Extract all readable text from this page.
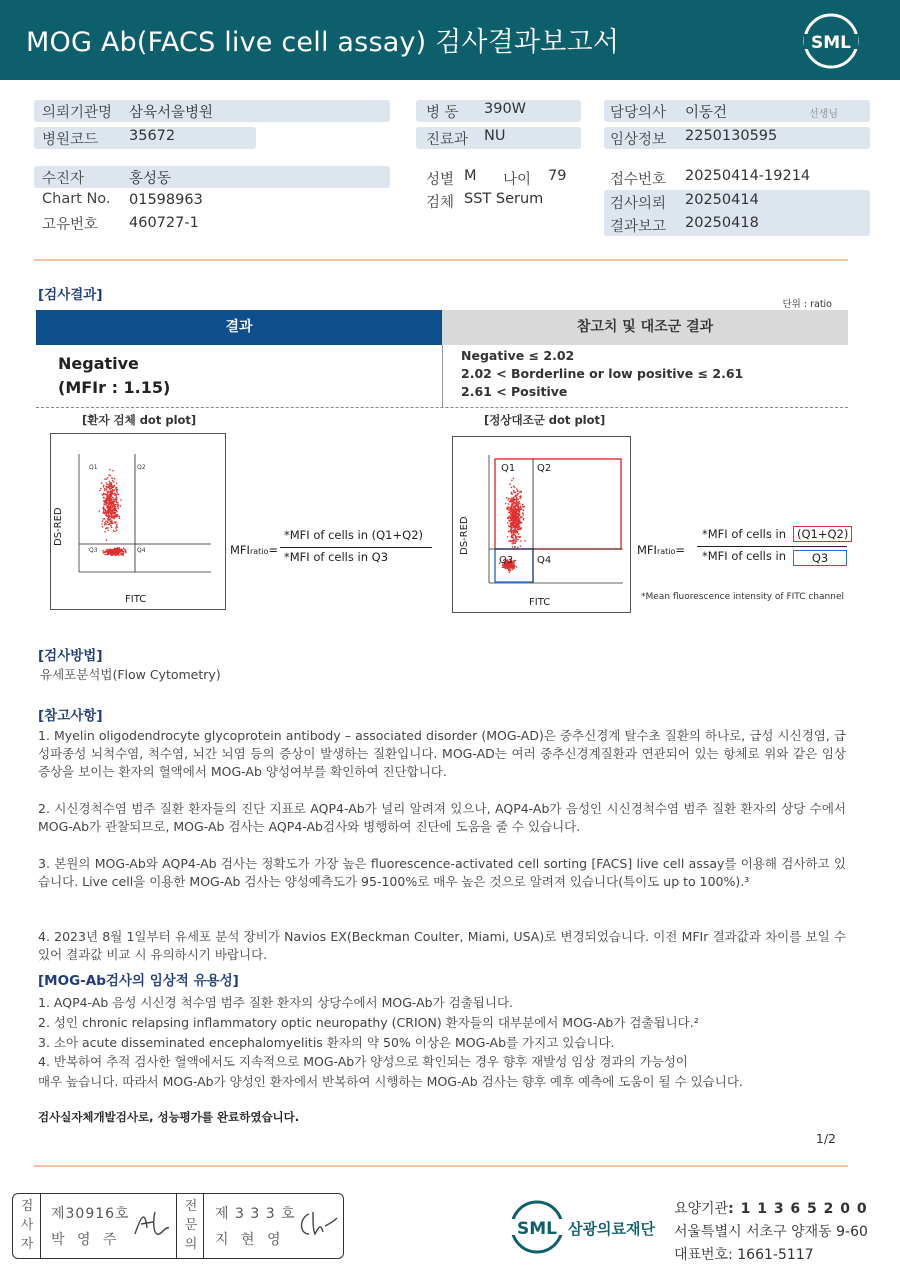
MOG Ab(FACS live cell assay) 검사결과보고서	SML
의뢰기관명 삼육서울병원
병원코드 35672
병 동 390W
진료과 NU
담당의사 이동건	선생님
임상정보 2250130595
수진자	홍성동
Chart No. 01598963
고유번호 460727-1
성별 M 나이 79
검체 SST Serum
접수번호 20250414-19214
검사의뢰 20250414
결과보고 20250418
[검사결과]
단위 : ratio
결과	참고치 및 대조군 결과
Negative
(MFIr : 1.15)
Negative ≤ 2.02
2.02 < Borderline or low positive ≤ 2.61
2.61 < Positive
[환자 검체 dot plot]
Q1	Q2
Q3	Q4
FITC
DS-RED
MFIratio=
*MFI of cells in (Q1+Q2)
*MFI of cells in Q3
[정상대조군 dot plot]
Q1 Q2
Q3 Q4
FITC
DS-RED	MFIratio=
*MFI of cells in (Q1+Q2)
*MFI of cells in	Q3
*Mean fluorescence intensity of FITC channel
[검사방법]
유세포분석법(Flow Cytometry)
[참고사항]
1. Myelin oligodendrocyte glycoprotein antibody – associated disorder (MOG-AD)은 중추신경계 탈수초 질환의 하나로, 급성 시신경염, 급성파종성 뇌척수염, 척수염, 뇌간 뇌염 등의 증상이 발생하는 질환입니다. MOG-AD는 여러 중추신경계질환과 연관되어 있는 항체로 위와 같은 임상 증상을 보이는 환자의 혈액에서 MOG-Ab 양성여부를 확인하여 진단합니다.
2. 시신경척수염 범주 질환 환자들의 진단 지표로 AQP4-Ab가 널리 알려져 있으나, AQP4-Ab가 음성인 시신경척수염 범주 질환 환자의 상당 수에서 MOG-Ab가 관찰되므로, MOG-Ab 검사는 AQP4-Ab검사와 병행하여 진단에 도움을 줄 수 있습니다.
3. 본원의 MOG-Ab와 AQP4-Ab 검사는 정확도가 가장 높은 fluorescence-activated cell sorting [FACS] live cell assay를 이용해 검사하고 있습니다. Live cell을 이용한 MOG-Ab 검사는 양성예측도가 95-100%로 매우 높은 것으로 알려져 있습니다(특이도 up to 100%).³
4. 2023년 8월 1일부터 유세포 분석 장비가 Navios EX(Beckman Coulter, Miami, USA)로 변경되었습니다. 이전 MFIr 결과값과 차이를 보일 수 있어 결과값 비교 시 유의하시기 바랍니다.
[MOG-Ab검사의 임상적 유용성]
1. AQP4-Ab 음성 시신경 척수염 범주 질환 환자의 상당수에서 MOG-Ab가 검출됩니다.
2. 성인 chronic relapsing inflammatory optic neuropathy (CRION) 환자들의 대부분에서 MOG-Ab가 검출됩니다.²
3. 소아 acute disseminated encephalomyelitis 환자의 약 50% 이상은 MOG-Ab를 가지고 있습니다.
4. 반복하여 추적 검사한 혈액에서도 지속적으로 MOG-Ab가 양성으로 확인되는 경우 향후 재발성 임상 경과의 가능성이
매우 높습니다. 따라서 MOG-Ab가 양성인 환자에서 반복하여 시행하는 MOG-Ab 검사는 향후 예후 예측에 도움이 될 수 있습니다.
검사실자체개발검사로, 성능평가를 완료하였습니다.
1/2
검
사
자
제30916호
박 영 주
전
문
의
제 3 3 3 호
지 현 영
SML 삼광의료재단
요양기관: 1 1 3 6 5 2 0 0
서울특별시 서초구 양재동 9-60
대표번호: 1661-5117
